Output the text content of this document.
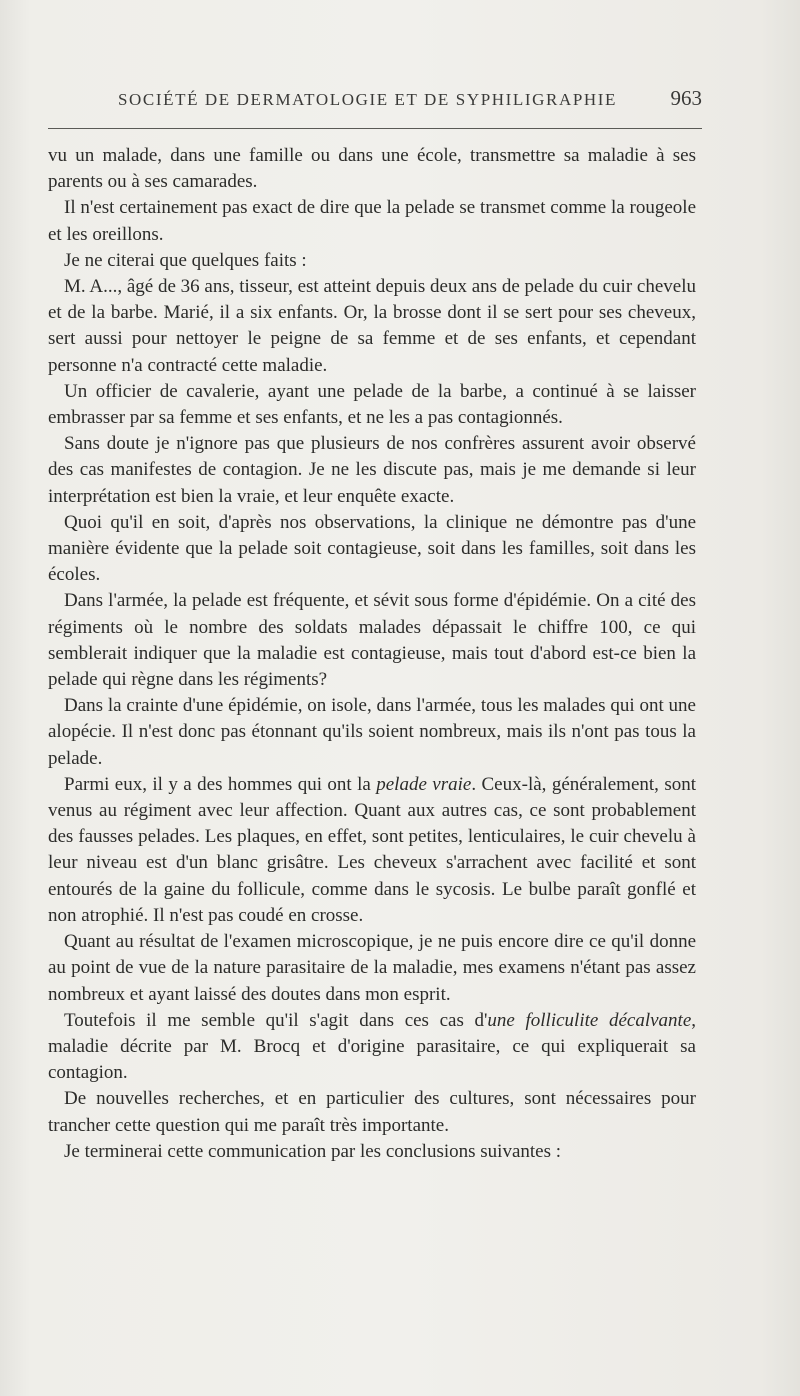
SOCIÉTÉ DE DERMATOLOGIE ET DE SYPHILIGRAPHIE	963

vu un malade, dans une famille ou dans une école, transmettre sa maladie à ses parents ou à ses camarades.

Il n'est certainement pas exact de dire que la pelade se transmet comme la rougeole et les oreillons.

Je ne citerai que quelques faits :

M. A..., âgé de 36 ans, tisseur, est atteint depuis deux ans de pelade du cuir chevelu et de la barbe. Marié, il a six enfants. Or, la brosse dont il se sert pour ses cheveux, sert aussi pour nettoyer le peigne de sa femme et de ses enfants, et cependant personne n'a contracté cette maladie.

Un officier de cavalerie, ayant une pelade de la barbe, a continué à se laisser embrasser par sa femme et ses enfants, et ne les a pas contagionnés.

Sans doute je n'ignore pas que plusieurs de nos confrères assurent avoir observé des cas manifestes de contagion. Je ne les discute pas, mais je me demande si leur interprétation est bien la vraie, et leur enquête exacte.

Quoi qu'il en soit, d'après nos observations, la clinique ne démontre pas d'une manière évidente que la pelade soit contagieuse, soit dans les familles, soit dans les écoles.

Dans l'armée, la pelade est fréquente, et sévit sous forme d'épidémie. On a cité des régiments où le nombre des soldats malades dépassait le chiffre 100, ce qui semblerait indiquer que la maladie est contagieuse, mais tout d'abord est-ce bien la pelade qui règne dans les régiments?

Dans la crainte d'une épidémie, on isole, dans l'armée, tous les malades qui ont une alopécie. Il n'est donc pas étonnant qu'ils soient nombreux, mais ils n'ont pas tous la pelade.

Parmi eux, il y a des hommes qui ont la pelade vraie. Ceux-là, généralement, sont venus au régiment avec leur affection. Quant aux autres cas, ce sont probablement des fausses pelades. Les plaques, en effet, sont petites, lenticulaires, le cuir chevelu à leur niveau est d'un blanc grisâtre. Les cheveux s'arrachent avec facilité et sont entourés de la gaine du follicule, comme dans le sycosis. Le bulbe paraît gonflé et non atrophié. Il n'est pas coudé en crosse.

Quant au résultat de l'examen microscopique, je ne puis encore dire ce qu'il donne au point de vue de la nature parasitaire de la maladie, mes examens n'étant pas assez nombreux et ayant laissé des doutes dans mon esprit.

Toutefois il me semble qu'il s'agit dans ces cas d'une folliculite décalvante, maladie décrite par M. Brocq et d'origine parasitaire, ce qui expliquerait sa contagion.

De nouvelles recherches, et en particulier des cultures, sont nécessaires pour trancher cette question qui me paraît très importante.

Je terminerai cette communication par les conclusions suivantes :
